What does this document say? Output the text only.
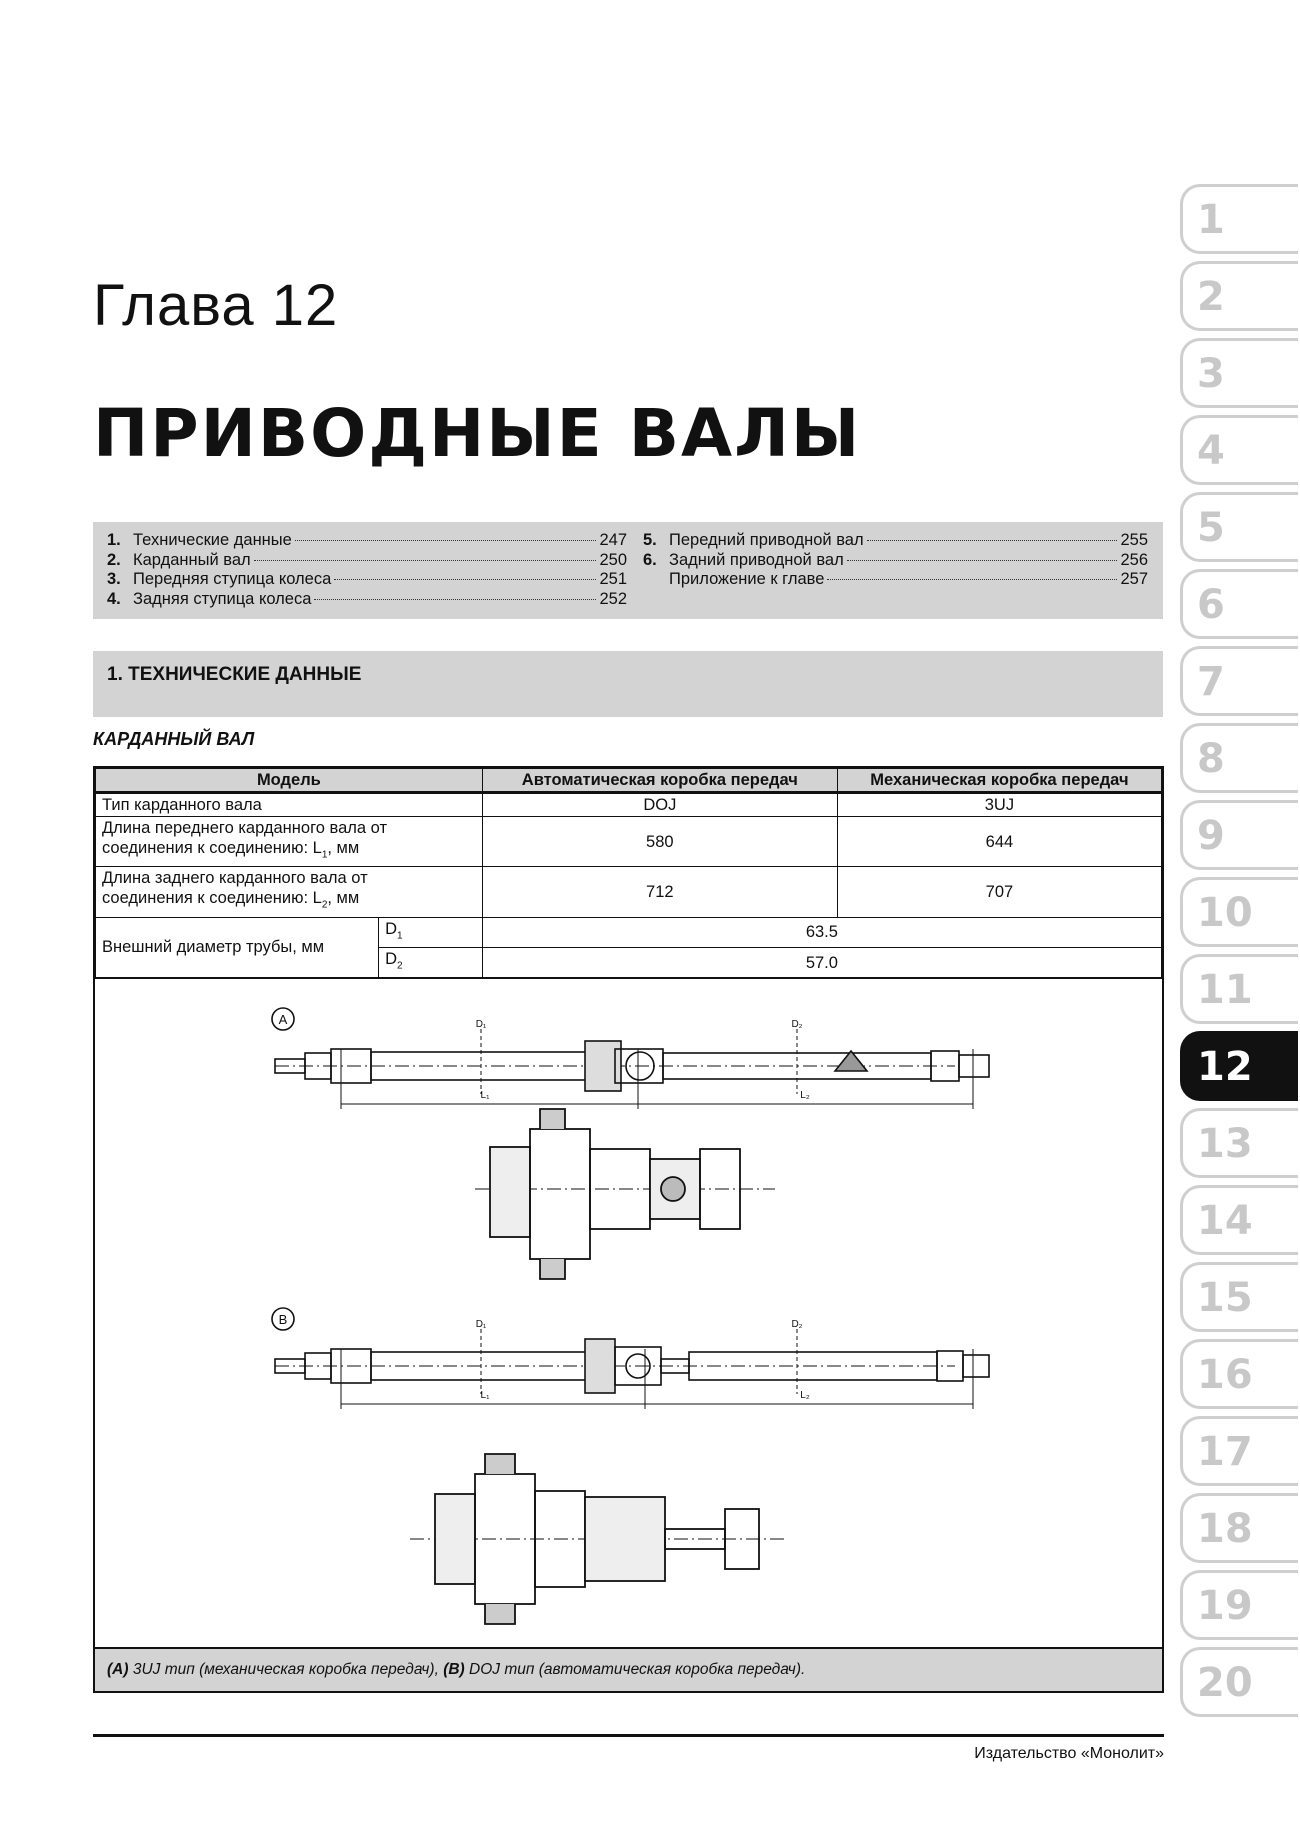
Глава 12
ПРИВОДНЫЕ ВАЛЫ
1. Технические данные	247
2. Карданный вал	250
3. Передняя ступица колеса	251
4. Задняя ступица колеса	252
5. Передний приводной вал	255
6. Задний приводной вал	256
Приложение к главе	257
1. ТЕХНИЧЕСКИЕ ДАННЫЕ
КАРДАННЫЙ ВАЛ
Модель		Автоматическая коробка передач	Механическая коробка передач
Тип карданного вала		DOJ	3UJ
Длина переднего карданного вала от
соединения к соединению: $L_1$, мм		580	644
Длина заднего карданного вала от
соединения к соединению: $L_2$, мм		712	707
Внешний диаметр трубы, мм	$D_1$	63.5	
	$D_2$	57.0	
A	D₁	D₂
L₁	L₂
B	D₁	D₂
L₁	L₂
(A) 3UJ тип (механическая коробка передач), (B) DOJ тип (автоматическая коробка передач).
Издательство «Монолит»
1
2
3
4
5
6
7
8
9
10
11
12
13
14
15
16
17
18
19
20
